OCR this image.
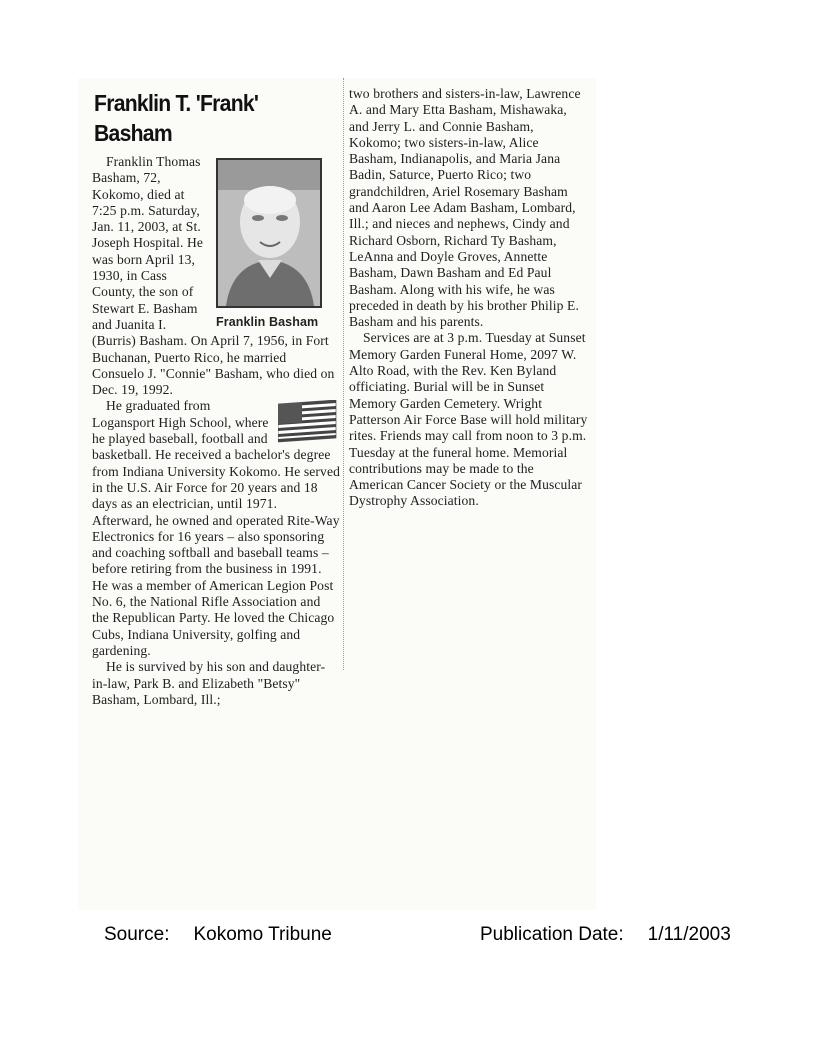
Franklin T. 'Frank' Basham
Franklin Basham

Franklin Thomas Basham, 72, Kokomo, died at 7:25 p.m. Saturday, Jan. 11, 2003, at St. Joseph Hospital. He was born April 13, 1930, in Cass County, the son of Stewart E. Basham and Juanita I. (Burris) Basham. On April 7, 1956, in Fort Buchanan, Puerto Rico, he married Consuelo J. "Connie" Basham, who died on Dec. 19, 1992.

He graduated from Logansport High School, where he played baseball, football and basketball. He received a bachelor's degree from Indiana University Kokomo. He served in the U.S. Air Force for 20 years and 18 days as an electrician, until 1971. Afterward, he owned and operated Rite-Way Electronics for 16 years – also sponsoring and coaching softball and baseball teams – before retiring from the business in 1991. He was a member of American Legion Post No. 6, the National Rifle Association and the Republican Party. He loved the Chicago Cubs, Indiana University, golfing and gardening.

He is survived by his son and daughter-in-law, Park B. and Elizabeth "Betsy" Basham, Lombard, Ill.;

two brothers and sisters-in-law, Lawrence A. and Mary Etta Basham, Mishawaka, and Jerry L. and Connie Basham, Kokomo; two sisters-in-law, Alice Basham, Indianapolis, and Maria Jana Badin, Saturce, Puerto Rico; two grandchildren, Ariel Rosemary Basham and Aaron Lee Adam Basham, Lombard, Ill.; and nieces and nephews, Cindy and Richard Osborn, Richard Ty Basham, LeAnna and Doyle Groves, Annette Basham, Dawn Basham and Ed Paul Basham. Along with his wife, he was preceded in death by his brother Philip E. Basham and his parents.

Services are at 3 p.m. Tuesday at Sunset Memory Garden Funeral Home, 2097 W. Alto Road, with the Rev. Ken Byland officiating. Burial will be in Sunset Memory Garden Cemetery. Wright Patterson Air Force Base will hold military rites. Friends may call from noon to 3 p.m. Tuesday at the funeral home. Memorial contributions may be made to the American Cancer Society or the Muscular Dystrophy Association.

Source: Kokomo Tribune	Publication Date: 1/11/2003
